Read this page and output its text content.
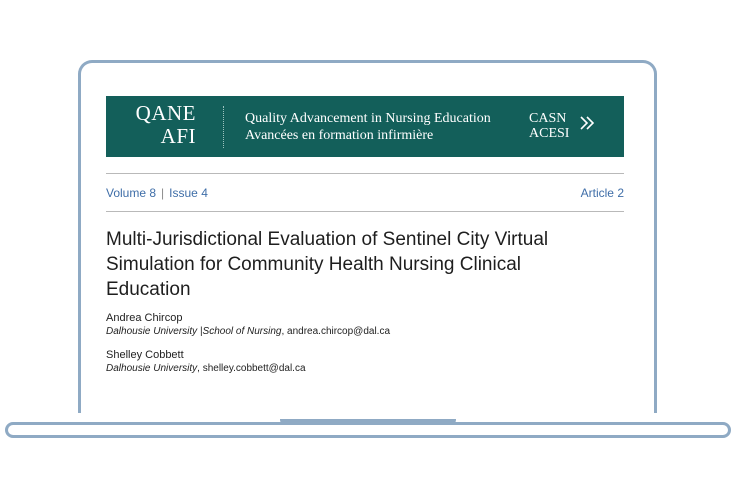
QANE
AFI
Quality Advancement in Nursing Education
Avancées en formation infirmière
CASN
ACESI
Volume 8 | Issue 4	Article 2
Multi-Jurisdictional Evaluation of Sentinel City Virtual Simulation for Community Health Nursing Clinical Education
Andrea Chircop
Dalhousie University |School of Nursing, andrea.chircop@dal.ca
Shelley Cobbett
Dalhousie University, shelley.cobbett@dal.ca
